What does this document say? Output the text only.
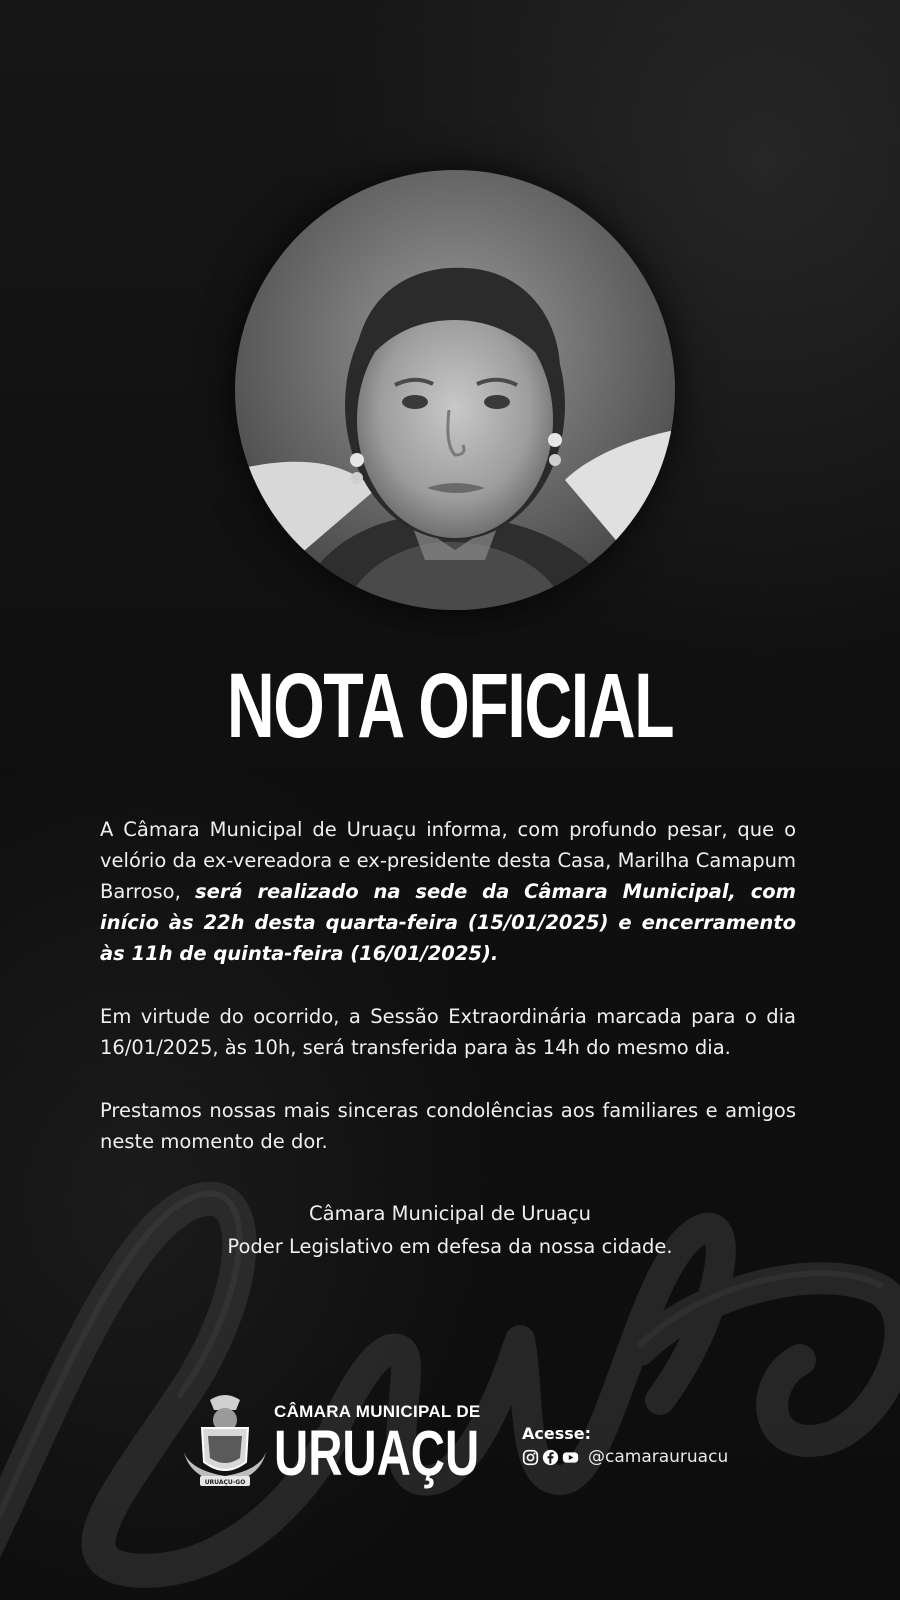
NOTA OFICIAL

A Câmara Municipal de Uruaçu informa, com profundo pesar, que o velório da ex-vereadora e ex-presidente desta Casa, Marilha Camapum Barroso, será realizado na sede da Câmara Municipal, com início às 22h desta quarta-feira (15/01/2025) e encerramento às 11h de quinta-feira (16/01/2025).

Em virtude do ocorrido, a Sessão Extraordinária marcada para o dia 16/01/2025, às 10h, será transferida para às 14h do mesmo dia.

Prestamos nossas mais sinceras condolências aos familiares e amigos neste momento de dor.

Câmara Municipal de Uruaçu
Poder Legislativo em defesa da nossa cidade.
URUAÇU-GO
CÂMARA MUNICIPAL DE
URUAÇU	Acesse:
@camarauruacu
